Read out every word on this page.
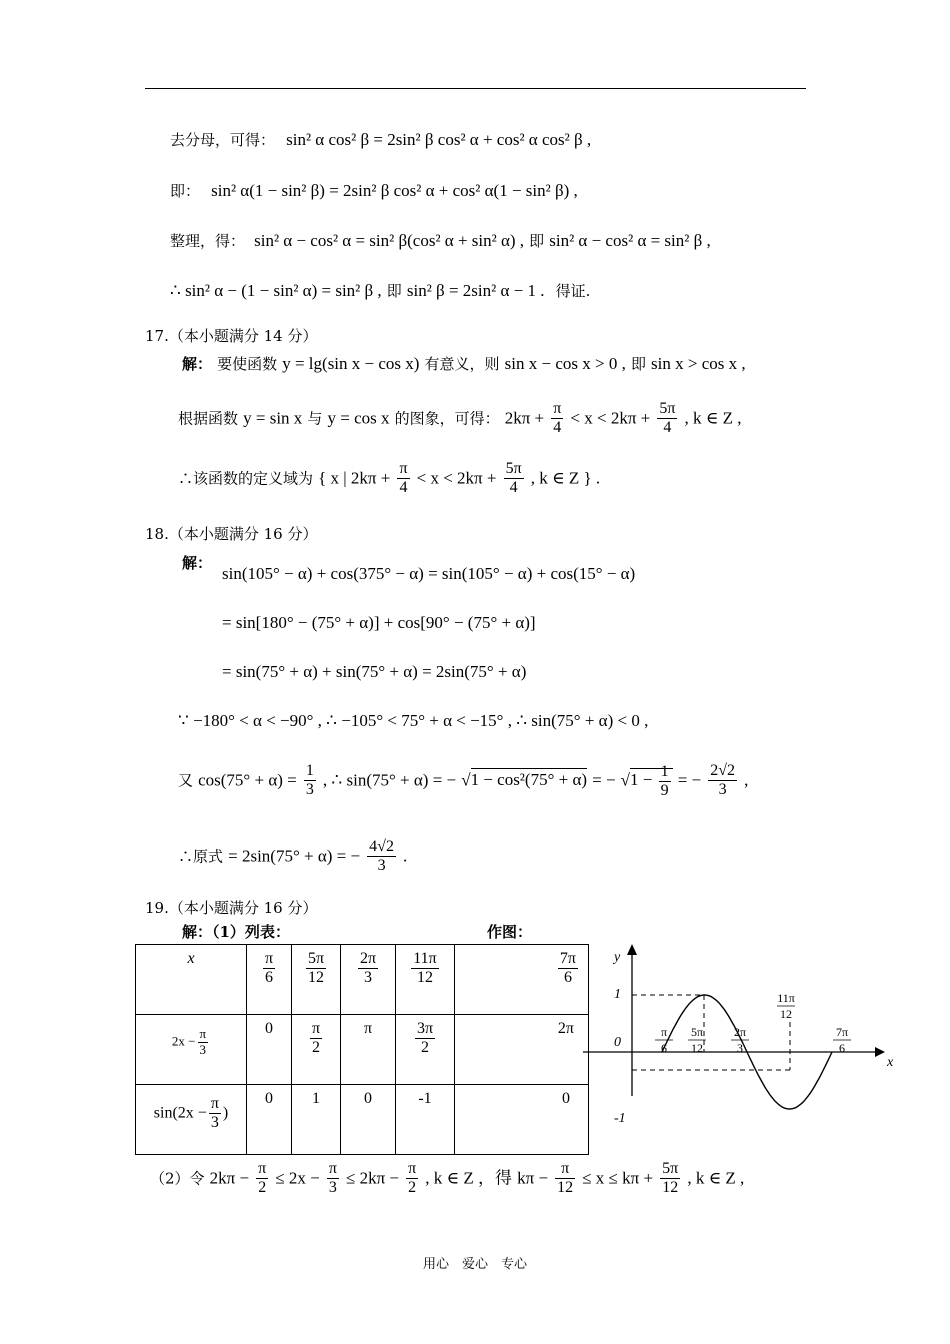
去分母，可得： sin² α cos² β = 2sin² β cos² α + cos² α cos² β ,
即： sin² α(1 − sin² β) = 2sin² β cos² α + cos² α(1 − sin² β) ,
整理，得： sin² α − cos² α = sin² β(cos² α + sin² α) , 即 sin² α − cos² α = sin² β ,
∴ sin² α − (1 − sin² α) = sin² β , 即 sin² β = 2sin² α − 1 . 得证.
17.（本小题满分 14 分）
解： 要使函数 y = lg(sin x − cos x) 有意义，则 sin x − cos x > 0 , 即 sin x > cos x ,
根据函数 y = sin x 与 y = cos x 的图象，可得： $2k\pi + \frac{\pi}{4} < x < 2k\pi + \frac{5\pi}{4}$ , k ∈ Z ,
∴该函数的定义域为 { x | $2k\pi + \frac{\pi}{4} < x < 2k\pi + \frac{5\pi}{4}$ , k ∈ Z } .
18.（本小题满分 16 分）
解：
sin(105° − α) + cos(375° − α) = sin(105° − α) + cos(15° − α)
= sin[180° − (75° + α)] + cos[90° − (75° + α)]
= sin(75° + α) + sin(75° + α) = 2sin(75° + α)
∵ −180° < α < −90° , ∴ −105° < 75° + α < −15° , ∴ sin(75° + α) < 0 ,
又 $\cos(75^\circ + \alpha) = \frac{1}{3}$ , ∴ sin(75° + α) = − √1 − cos²(75° + α) = − $√1 - \frac{1}{9}$ = − $\frac{2√2}{3}$ ,
∴原式 = 2sin(75° + α) = − $\frac{4√2}{3}$ .
19.（本小题满分 16 分）
解：（1）列表：	作图：
x	$\frac{\pi}{6}$	$\frac{5\pi}{12}$	$\frac{2\pi}{3}$	$\frac{11\pi}{12}$	$\frac{7\pi}{6}$

$2x - \frac{\pi}{3}$	0	$\frac{\pi}{2}$	π	$\frac{3\pi}{2}$	2π
$\sin(2x - \frac{\pi}{3}$ )	0	1	0	-1	0
y
x
1
0
-1
π
6
5π
12
2π
3
11π
12
7π
6
（2）令 $2k\pi - \frac{\pi}{2} \le 2x - \frac{\pi}{3} \le 2k\pi - \frac{\pi}{2}$ , k ∈ Z ，得 $k\pi - \frac{\pi}{12} \le x \le k\pi + \frac{5\pi}{12}$ , k ∈ Z ,
用心　爱心　专心
